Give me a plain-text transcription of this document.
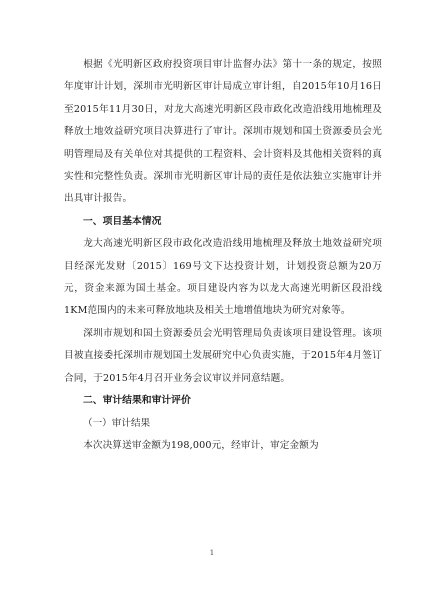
根据《光明新区政府投资项目审计监督办法》第十一条的规定，按照年度审计计划，深圳市光明新区审计局成立审计组，自2015年10月16日至2015年11月30日，对龙大高速光明新区段市政化改造沿线用地梳理及释放土地效益研究项目决算进行了审计。深圳市规划和国土资源委员会光明管理局及有关单位对其提供的工程资料、会计资料及其他相关资料的真实性和完整性负责。深圳市光明新区审计局的责任是依法独立实施审计并出具审计报告。

一、项目基本情况

龙大高速光明新区段市政化改造沿线用地梳理及释放土地效益研究项目经深光发财〔2015〕169号文下达投资计划，计划投资总额为20万元，资金来源为国土基金。项目建设内容为以龙大高速光明新区段沿线1KM范围内的未来可释放地块及相关土地增值地块为研究对象等。

深圳市规划和国土资源委员会光明管理局负责该项目建设管理。该项目被直接委托深圳市规划国土发展研究中心负责实施，于2015年4月签订合同，于2015年4月召开业务会议审议并同意结题。

二、审计结果和审计评价

（一）审计结果

本次决算送审金额为198,000元，经审计，审定金额为

1
